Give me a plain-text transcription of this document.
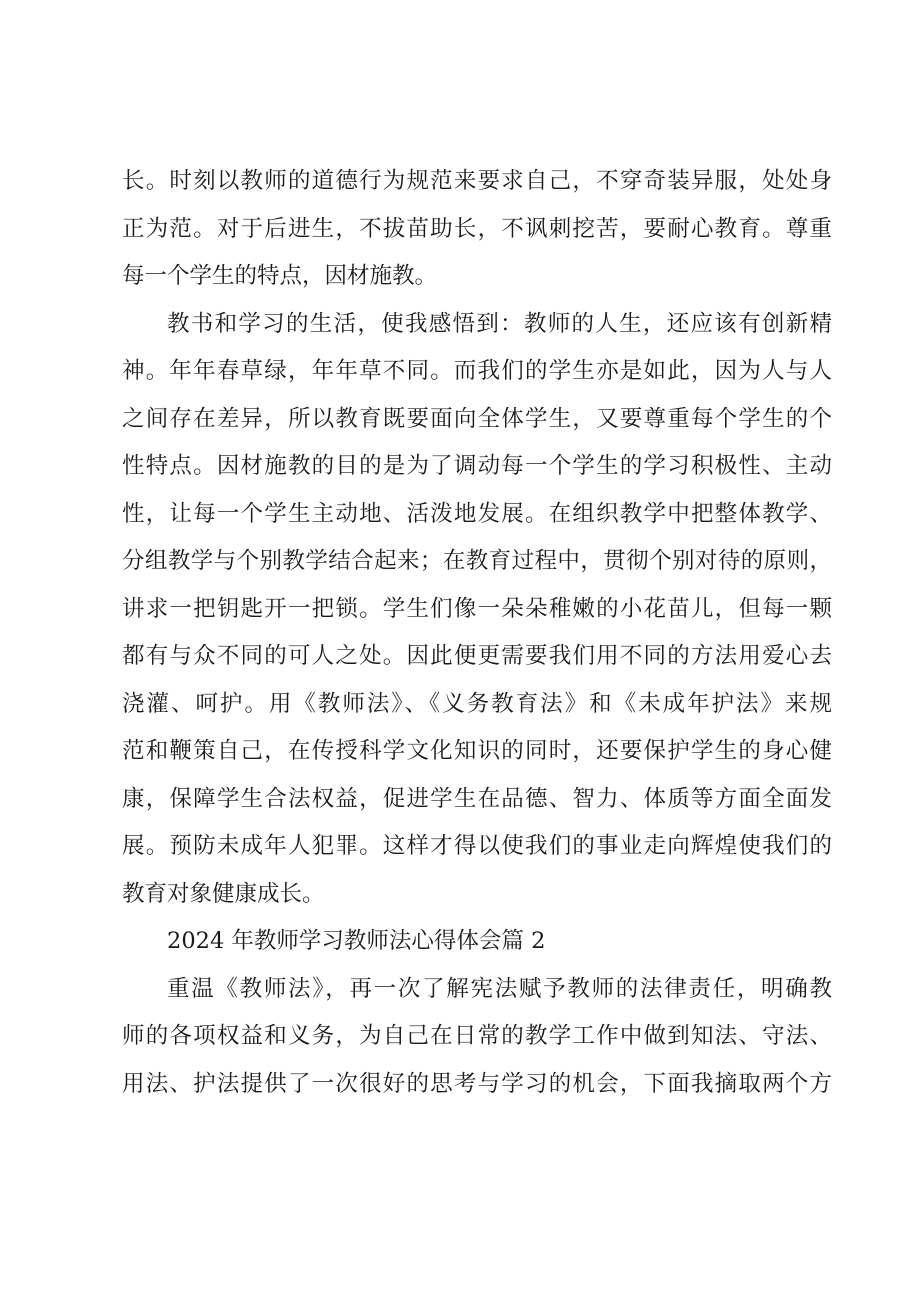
长。时刻以教师的道德行为规范来要求自己，不穿奇装异服，处处身
正为范。对于后进生，不拔苗助长，不讽刺挖苦，要耐心教育。尊重
每一个学生的特点，因材施教。
教书和学习的生活，使我感悟到：教师的人生，还应该有创新精
神。年年春草绿，年年草不同。而我们的学生亦是如此，因为人与人
之间存在差异，所以教育既要面向全体学生，又要尊重每个学生的个
性特点。因材施教的目的是为了调动每一个学生的学习积极性、主动
性，让每一个学生主动地、活泼地发展。在组织教学中把整体教学、
分组教学与个别教学结合起来；在教育过程中，贯彻个别对待的原则，
讲求一把钥匙开一把锁。学生们像一朵朵稚嫩的小花苗儿，但每一颗
都有与众不同的可人之处。因此便更需要我们用不同的方法用爱心去
浇灌、呵护。用《教师法》、《义务教育法》和《未成年护法》来规
范和鞭策自己，在传授科学文化知识的同时，还要保护学生的身心健
康，保障学生合法权益，促进学生在品德、智力、体质等方面全面发
展。预防未成年人犯罪。这样才得以使我们的事业走向辉煌使我们的
教育对象健康成长。
2024 年教师学习教师法心得体会篇 2
重温《教师法》，再一次了解宪法赋予教师的法律责任，明确教
师的各项权益和义务，为自己在日常的教学工作中做到知法、守法、
用法、护法提供了一次很好的思考与学习的机会，下面我摘取两个方
